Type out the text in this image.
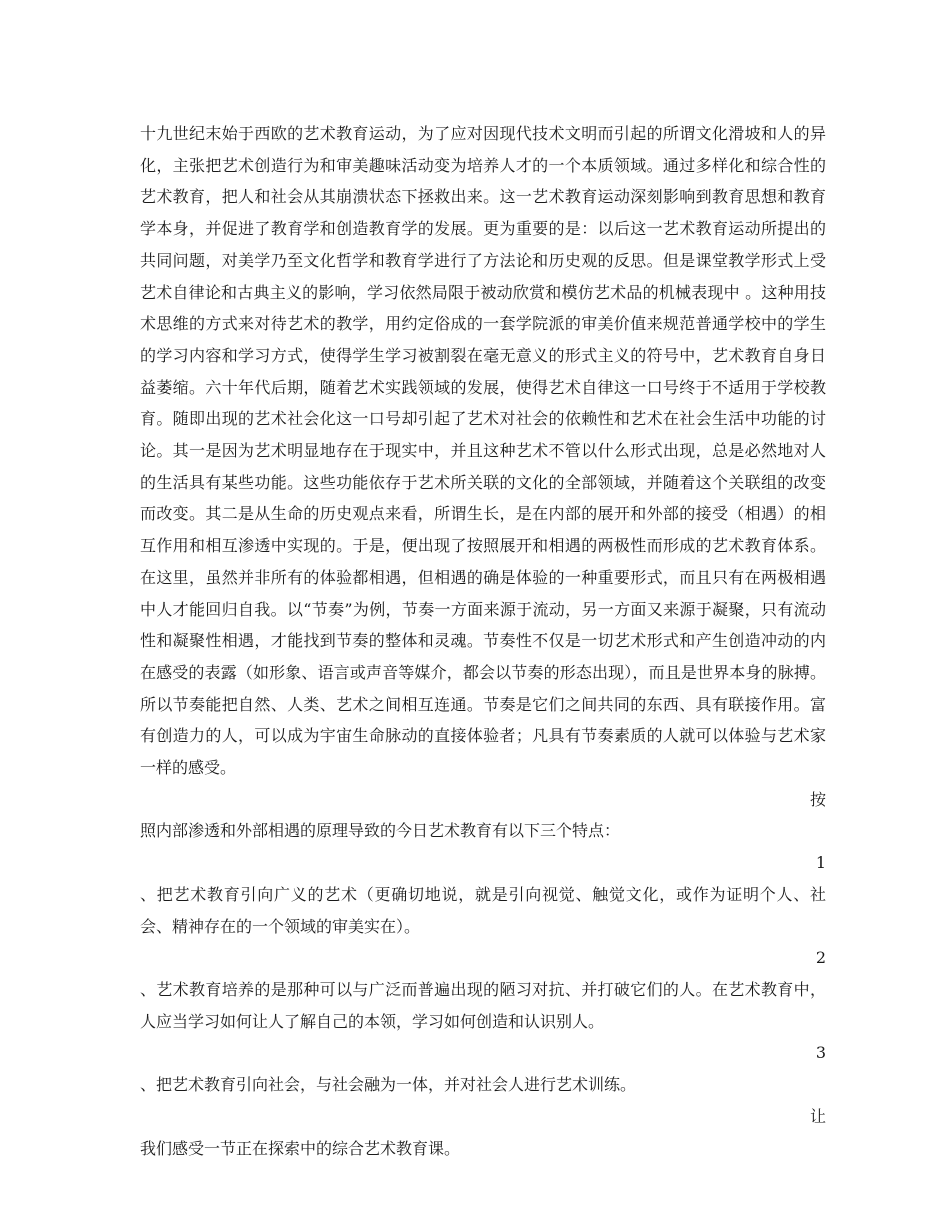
十九世纪末始于西欧的艺术教育运动，为了应对因现代技术文明而引起的所谓文化滑坡和人的异化，主张把艺术创造行为和审美趣味活动变为培养人才的一个本质领域。通过多样化和综合性的艺术教育，把人和社会从其崩溃状态下拯救出来。这一艺术教育运动深刻影响到教育思想和教育学本身，并促进了教育学和创造教育学的发展。更为重要的是：以后这一艺术教育运动所提出的共同问题，对美学乃至文化哲学和教育学进行了方法论和历史观的反思。但是课堂教学形式上受艺术自律论和古典主义的影响，学习依然局限于被动欣赏和模仿艺术品的机械表现中 。这种用技术思维的方式来对待艺术的教学，用约定俗成的一套学院派的审美价值来规范普通学校中的学生的学习内容和学习方式，使得学生学习被割裂在毫无意义的形式主义的符号中，艺术教育自身日益萎缩。六十年代后期，随着艺术实践领域的发展，使得艺术自律这一口号终于不适用于学校教育。随即出现的艺术社会化这一口号却引起了艺术对社会的依赖性和艺术在社会生活中功能的讨论。其一是因为艺术明显地存在于现实中，并且这种艺术不管以什么形式出现，总是必然地对人的生活具有某些功能。这些功能依存于艺术所关联的文化的全部领域，并随着这个关联组的改变而改变。其二是从生命的历史观点来看，所谓生长，是在内部的展开和外部的接受（相遇）的相互作用和相互渗透中实现的。于是，便出现了按照展开和相遇的两极性而形成的艺术教育体系。在这里，虽然并非所有的体验都相遇，但相遇的确是体验的一种重要形式，而且只有在两极相遇中人才能回归自我。以“节奏”为例，节奏一方面来源于流动，另一方面又来源于凝聚，只有流动性和凝聚性相遇，才能找到节奏的整体和灵魂。节奏性不仅是一切艺术形式和产生创造冲动的内在感受的表露（如形象、语言或声音等媒介，都会以节奏的形态出现），而且是世界本身的脉搏。所以节奏能把自然、人类、艺术之间相互连通。节奏是它们之间共同的东西、具有联接作用。富有创造力的人，可以成为宇宙生命脉动的直接体验者；凡具有节奏素质的人就可以体验与艺术家一样的感受。

按

照内部渗透和外部相遇的原理导致的今日艺术教育有以下三个特点：

1

、把艺术教育引向广义的艺术（更确切地说，就是引向视觉、触觉文化，或作为证明个人、社会、精神存在的一个领域的审美实在）。

2

、艺术教育培养的是那种可以与广泛而普遍出现的陋习对抗、并打破它们的人。在艺术教育中，人应当学习如何让人了解自己的本领，学习如何创造和认识别人。

3

、把艺术教育引向社会，与社会融为一体，并对社会人进行艺术训练。

让

我们感受一节正在探索中的综合艺术教育课。
